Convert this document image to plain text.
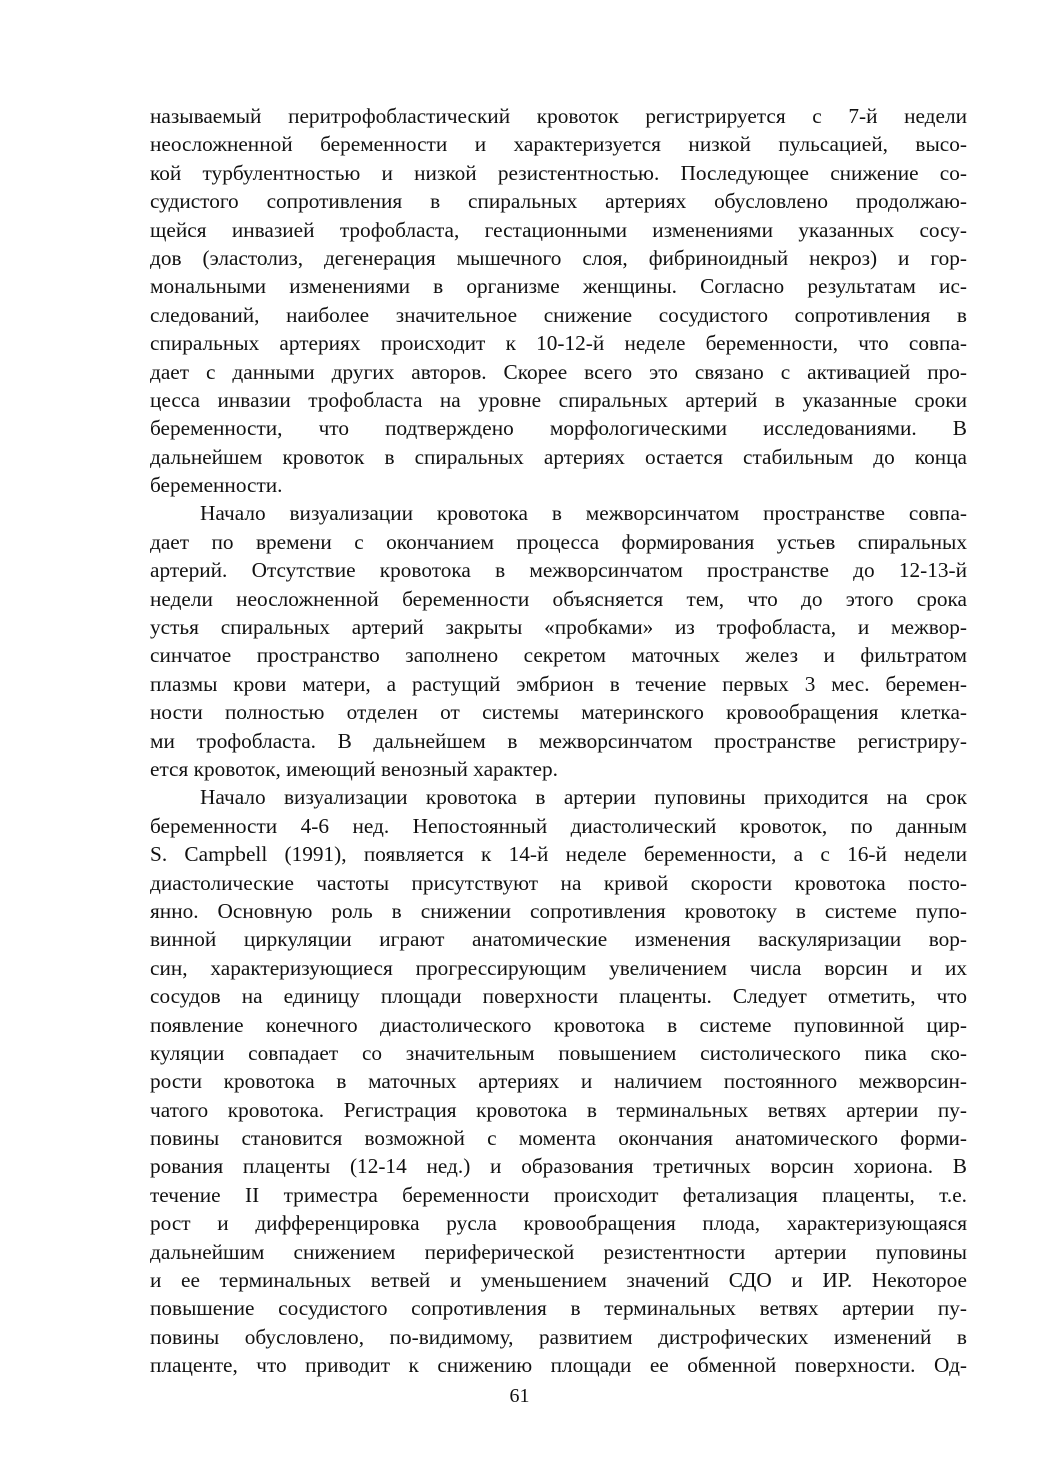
называемый перитрофобластический кровоток регистрируется с 7-й недели
неосложненной беременности и характеризуется низкой пульсацией, высо-
кой турбулентностью и низкой резистентностью. Последующее снижение со-
судистого сопротивления в спиральных артериях обусловлено продолжаю-
щейся инвазией трофобласта, гестационными изменениями указанных сосу-
дов (эластолиз, дегенерация мышечного слоя, фибриноидный некроз) и гор-
мональными изменениями в организме женщины. Согласно результатам ис-
следований, наиболее значительное снижение сосудистого сопротивления в
спиральных артериях происходит к 10-12-й неделе беременности, что совпа-
дает с данными других авторов. Скорее всего это связано с активацией про-
цесса инвазии трофобласта на уровне спиральных артерий в указанные сроки
беременности, что подтверждено морфологическими исследованиями. В
дальнейшем кровоток в спиральных артериях остается стабильным до конца
беременности.
Начало визуализации кровотока в межворсинчатом пространстве совпа-
дает по времени с окончанием процесса формирования устьев спиральных
артерий. Отсутствие кровотока в межворсинчатом пространстве до 12-13-й
недели неосложненной беременности объясняется тем, что до этого срока
устья спиральных артерий закрыты «пробками» из трофобласта, и межвор-
синчатое пространство заполнено секретом маточных желез и фильтратом
плазмы крови матери, а растущий эмбрион в течение первых 3 мес. беремен-
ности полностью отделен от системы материнского кровообращения клетка-
ми трофобласта. В дальнейшем в межворсинчатом пространстве регистриру-
ется кровоток, имеющий венозный характер.
Начало визуализации кровотока в артерии пуповины приходится на срок
беременности 4-6 нед. Непостоянный диастолический кровоток, по данным
S. Campbell (1991), появляется к 14-й неделе беременности, а с 16-й недели
диастолические частоты присутствуют на кривой скорости кровотока посто-
янно. Основную роль в снижении сопротивления кровотоку в системе пупо-
винной циркуляции играют анатомические изменения васкуляризации вор-
син, характеризующиеся прогрессирующим увеличением числа ворсин и их
сосудов на единицу площади поверхности плаценты. Следует отметить, что
появление конечного диастолического кровотока в системе пуповинной цир-
куляции совпадает со значительным повышением систолического пика ско-
рости кровотока в маточных артериях и наличием постоянного межворсин-
чатого кровотока. Регистрация кровотока в терминальных ветвях артерии пу-
повины становится возможной с момента окончания анатомического форми-
рования плаценты (12-14 нед.) и образования третичных ворсин хориона. В
течение II триместра беременности происходит фетализация плаценты, т.е.
рост и дифференцировка русла кровообращения плода, характеризующаяся
дальнейшим снижением периферической резистентности артерии пуповины
и ее терминальных ветвей и уменьшением значений СДО и ИР. Некоторое
повышение сосудистого сопротивления в терминальных ветвях артерии пу-
повины обусловлено, по-видимому, развитием дистрофических изменений в
плаценте, что приводит к снижению площади ее обменной поверхности. Од-
61
